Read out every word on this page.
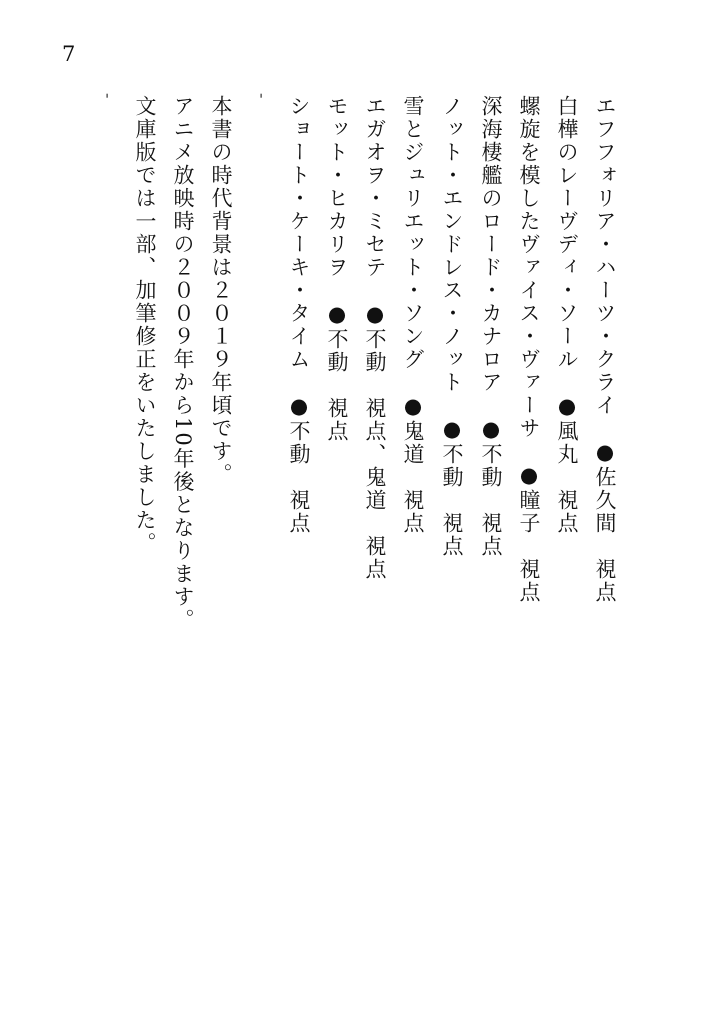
7
エフフォリア・ハーツ・クライ　●佐久間　視点
白樺のレーヴディ・ソール　●風丸　視点
螺旋を模したヴァイス・ヴァーサ　●瞳子　視点
深海棲艦のロード・カナロア　●不動　視点
ノット・エンドレス・ノット　●不動　視点
雪とジュリエット・ソング　●鬼道　視点
エガオヲ・ミセテ　●不動　視点、鬼道　視点
モット・ヒカリヲ　●不動　視点
ショート・ケーキ・タイム　●不動　視点
‐
本書の時代背景は２０１９年頃です。
アニメ放映時の２００９年から10年後となります。
文庫版では一部、加筆修正をいたしました。
‐
